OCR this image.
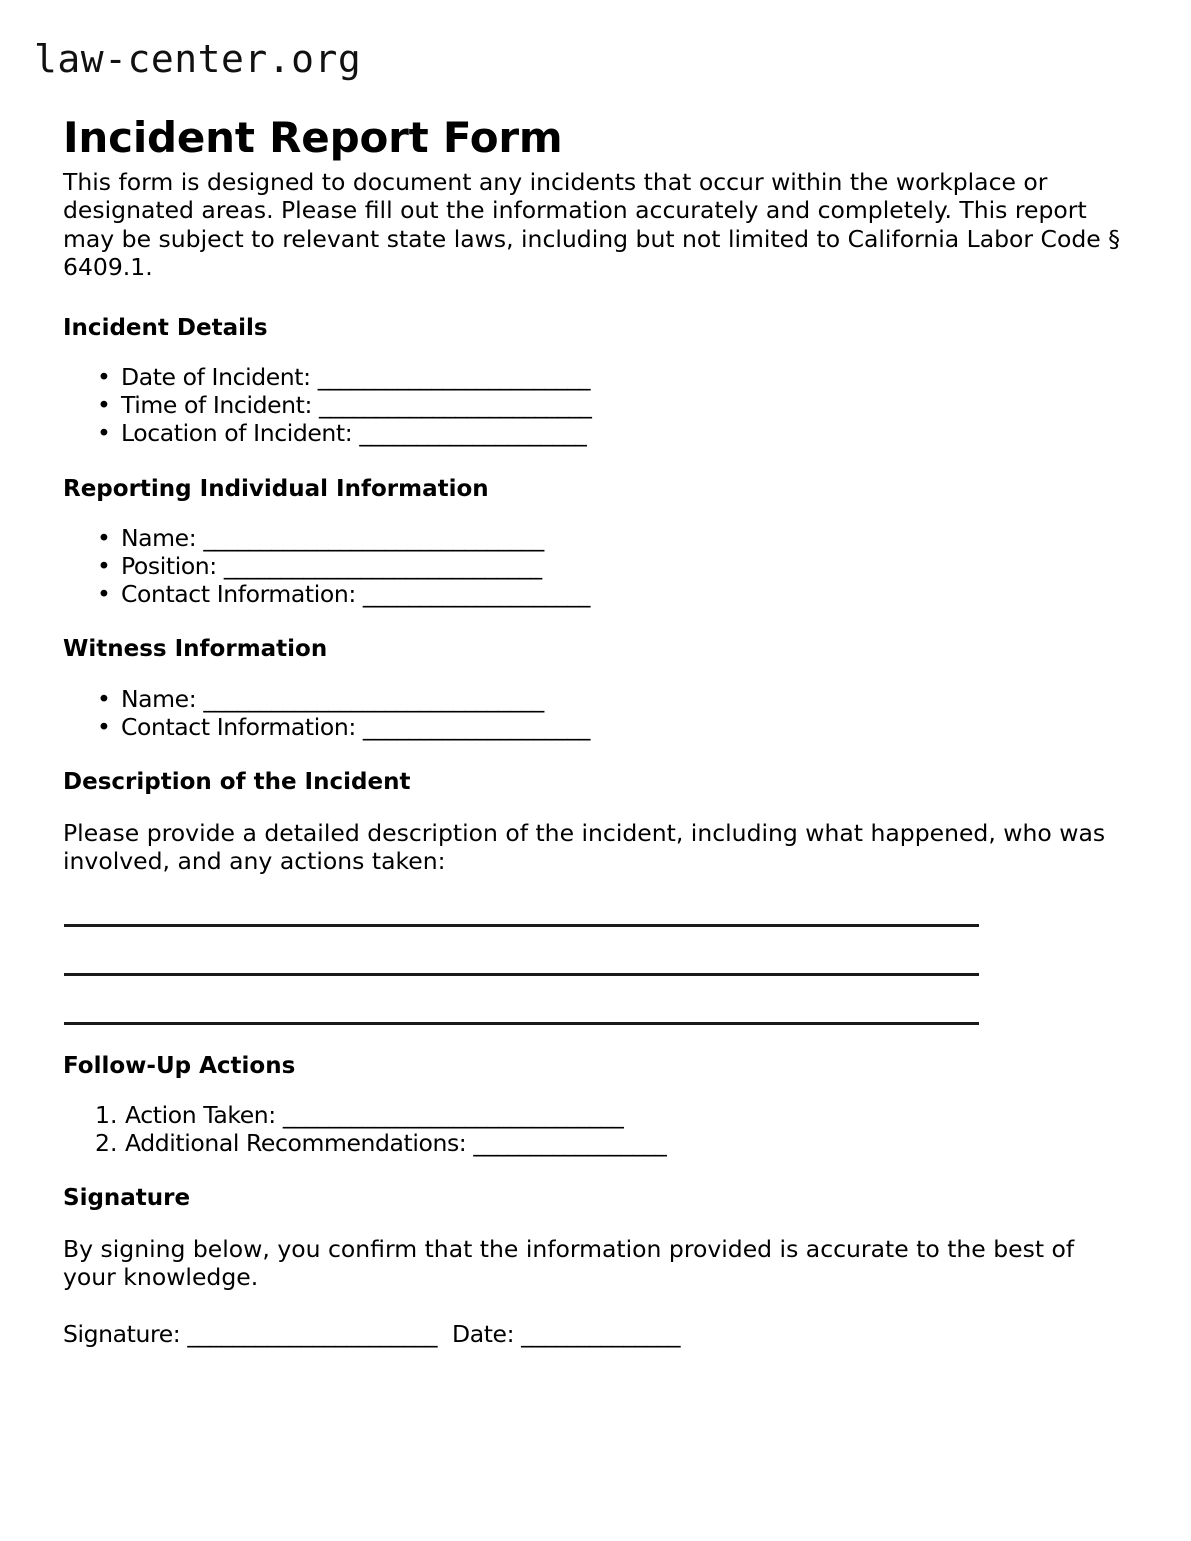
law-center.org
Incident Report Form

This form is designed to document any incidents that occur within the workplace or designated areas. Please fill out the information accurately and completely. This report may be subject to relevant state laws, including but not limited to California Labor Code § 6409.1.

Incident Details
• Date of Incident: ________________________
• Time of Incident: ________________________
• Location of Incident: ____________________
Reporting Individual Information
• Name: ______________________________
• Position: ____________________________
• Contact Information: ____________________
Witness Information
• Name: ______________________________
• Contact Information: ____________________
Description of the Incident

Please provide a detailed description of the incident, including what happened, who was involved, and any actions taken:

Follow-Up Actions
Action Taken: ______________________________
Additional Recommendations: _________________
Signature

By signing below, you confirm that the information provided is accurate to the best of your knowledge.

Signature: ______________________ Date: ______________
